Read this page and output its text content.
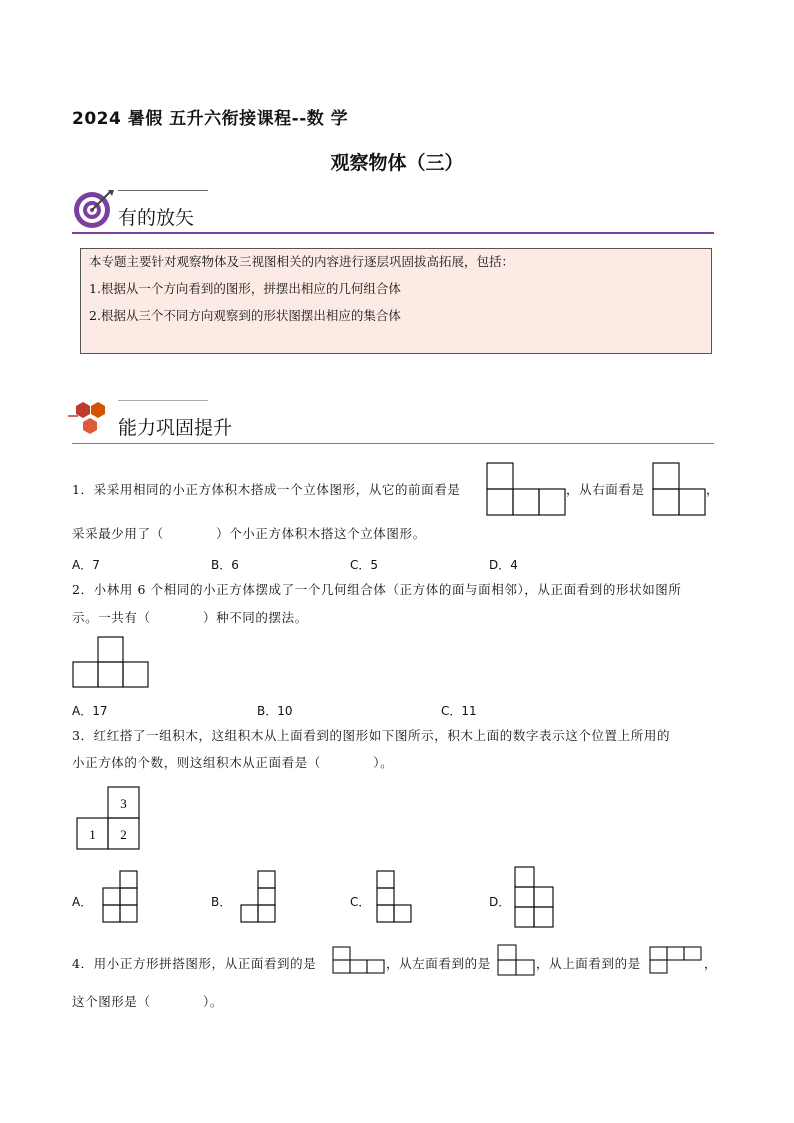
2024 暑假 五升六衔接课程--数 学
观察物体（三）
有的放矢
本专题主要针对观察物体及三视图相关的内容进行逐层巩固拔高拓展，包括：
1.根据从一个方向看到的图形，拼摆出相应的几何组合体
2.根据从三个不同方向观察到的形状图摆出相应的集合体
能力巩固提升
1．采采用相同的小正方体积木搭成一个立体图形，从它的前面看是	，从右面看是	，
采采最少用了（　　　　）个小正方体积木搭这个立体图形。
A．7	B．6	C．5	D．4
2．小林用 6 个相同的小正方体摆成了一个几何组合体（正方体的面与面相邻），从正面看到的形状如图所
示。一共有（　　　　）种不同的摆法。
A．17	B．10	C．11
3．红红搭了一组积木，这组积木从上面看到的图形如下图所示，积木上面的数字表示这个位置上所用的
小正方体的个数，则这组积木从正面看是（　　　　）。
3
1 2
A．	B．	C．	D．
4．用小正方形拼搭图形，从正面看到的是	，从左面看到的是	，从上面看到的是	，
这个图形是（　　　　）。
